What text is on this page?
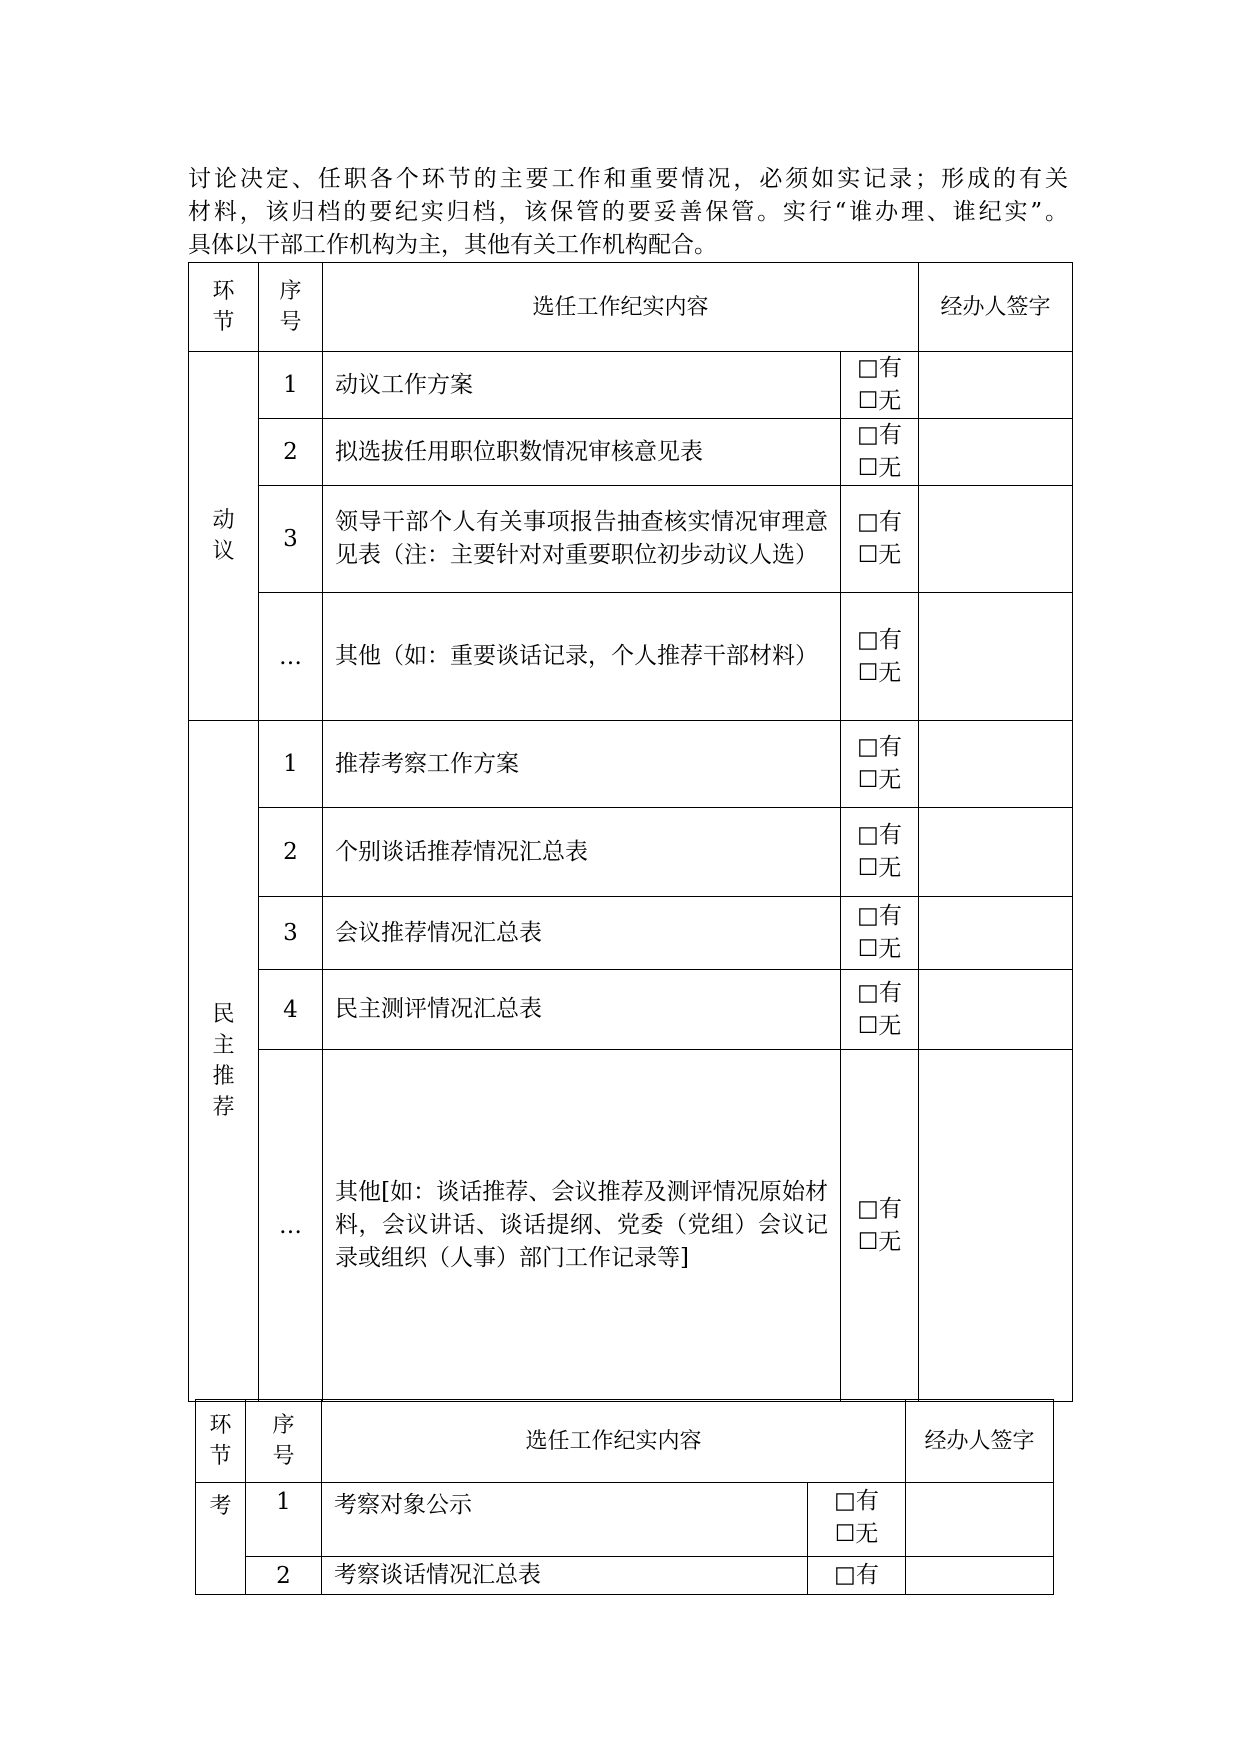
讨论决定、任职各个环节的主要工作和重要情况，必须如实记录；形成的有关
材料，该归档的要纪实归档，该保管的要妥善保管。实行“谁办理、谁纪实”。
具体以干部工作机构为主，其他有关工作机构配合。
环
节	序
号	选任工作纪实内容		经办人签字
动
议	1	动议工作方案	□有
☐无	

	2	拟选拔任用职位职数情况审核意见表	□有
☐无	

	3	领导干部个人有关事项报告抽查核实情况审理意见表（注：主要针对对重要职位初步动议人选）	□有
☐无	

	…	其他（如：重要谈话记录，个人推荐干部材料）	□有
☐无	

民
主
推
荐	1	推荐考察工作方案	□有
☐无	

	2	个别谈话推荐情况汇总表	□有
☐无	

	3	会议推荐情况汇总表	□有
☐无	

	4	民主测评情况汇总表	□有
☐无	

	…	其他[如：谈话推荐、会议推荐及测评情况原始材料，会议讲话、谈话提纲、党委（党组）会议记录或组织（人事）部门工作记录等]	□有
☐无	

环
节	序
号	选任工作纪实内容		经办人签字
考	1	考察对象公示	□有
☐无	

	2	考察谈话情况汇总表	□有	
